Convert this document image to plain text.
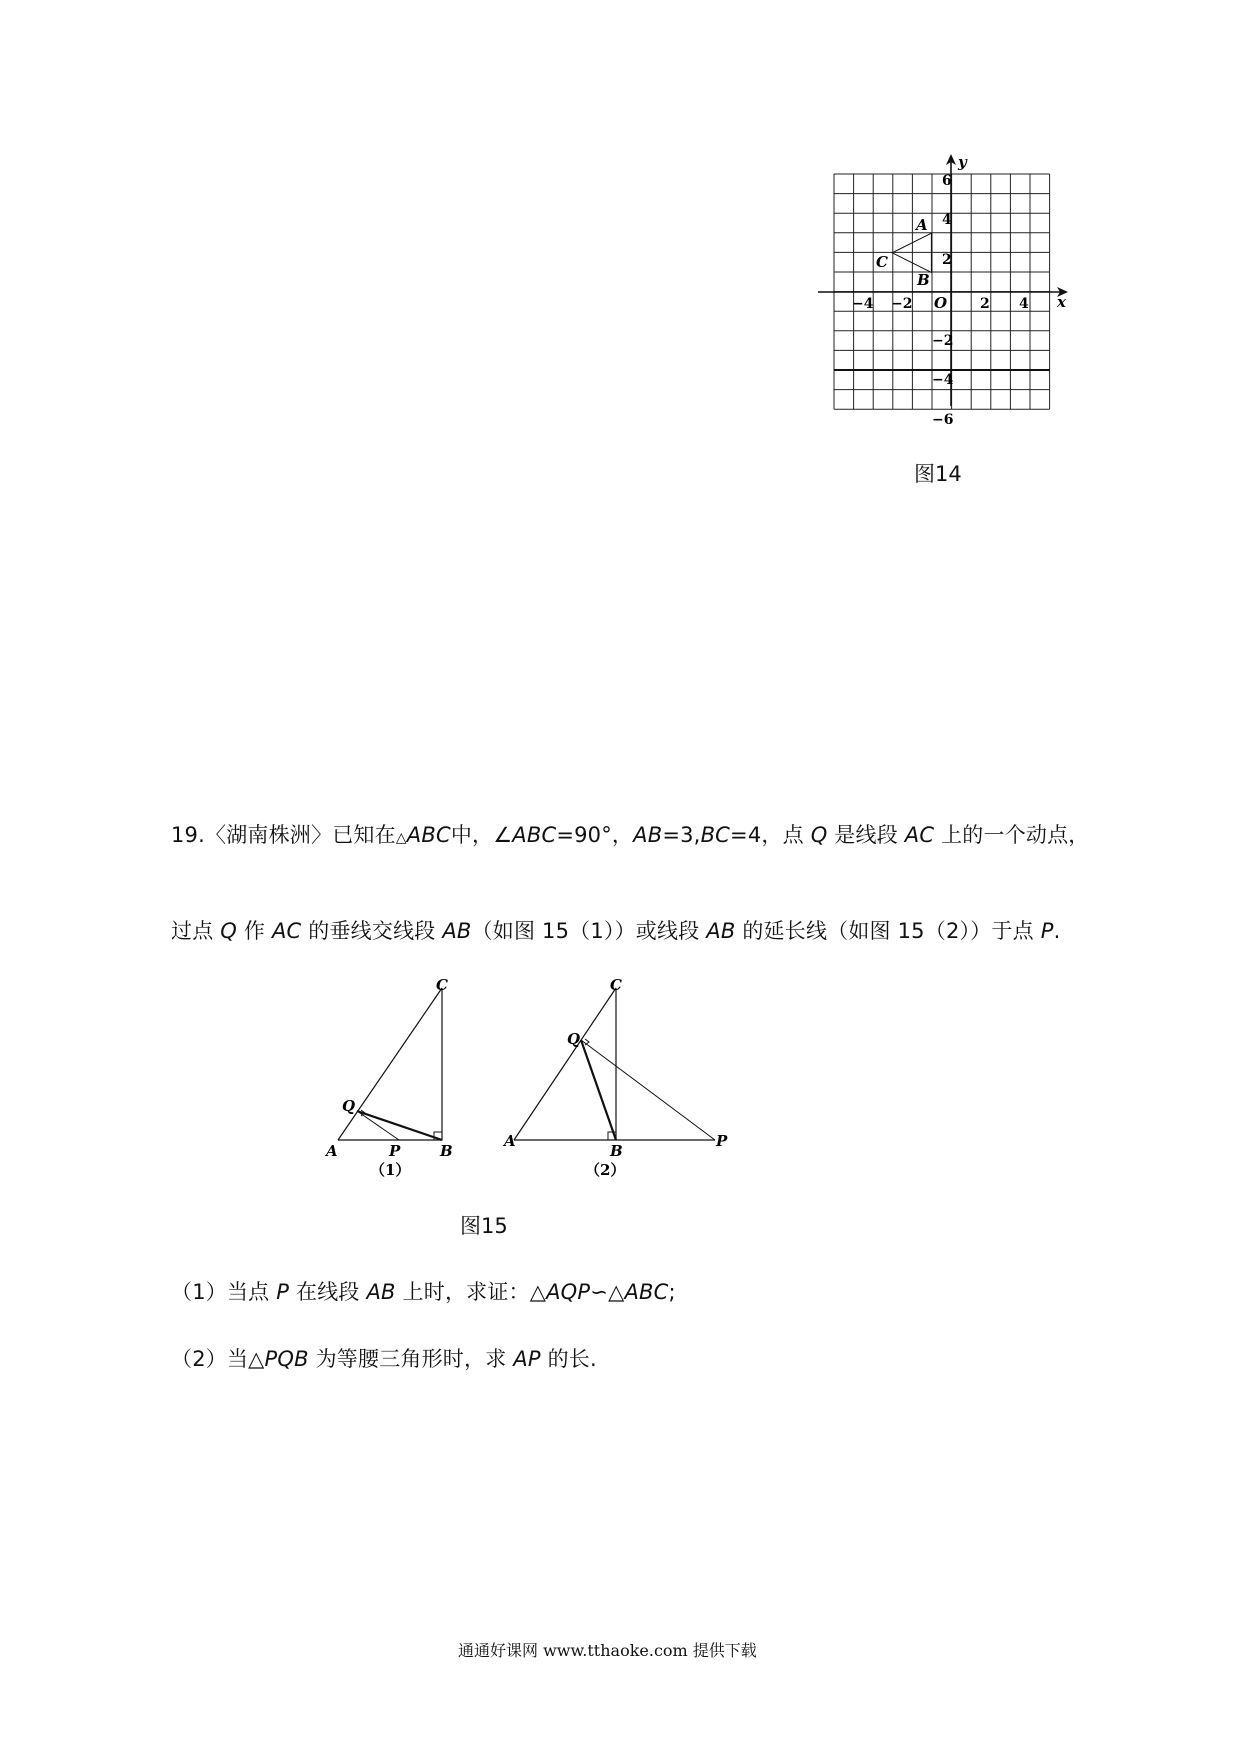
y
x
O
−4 −2	2 4
6
4
2
−2
−4
−6
A
B
C
图14
19.〈湖南株洲〉已知在△ABC中，∠ABC=90°，AB=3,BC=4，点 Q 是线段 AC 上的一个动点，
过点 Q 作 AC 的垂线交线段 AB（如图 15（1））或线段 AB 的延长线（如图 15（2））于点 P.
C
Q
A	P	B
（1）
C
Q
A
B
P
（2）
图15
（1）当点 P 在线段 AB 上时，求证：△AQP∽△ABC;
（2）当△PQB 为等腰三角形时，求 AP 的长.
通通好课网 www.tthaoke.com 提供下载
